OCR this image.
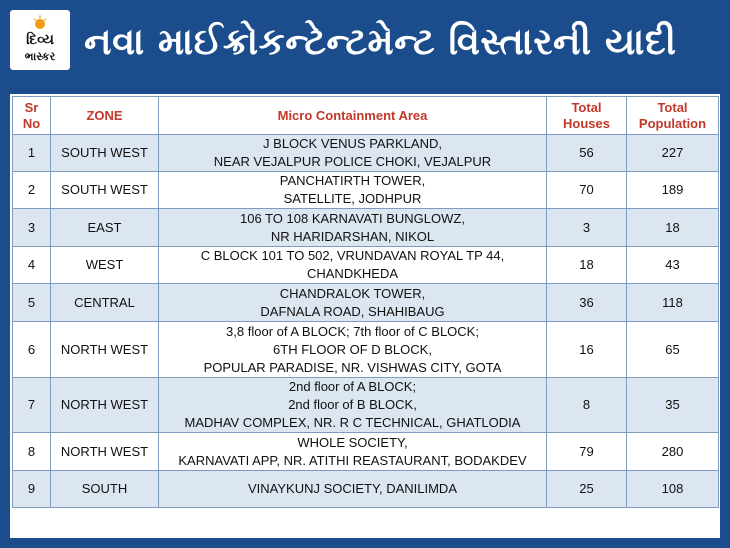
દિવ્ય
ભાસ્કર નવા માઈક્રોકન્ટેન્ટમેન્ટ વિસ્તારની યાદી
Sr No	ZONE	Micro Containment Area	Total Houses	Total Population
1	SOUTH WEST	J BLOCK VENUS PARKLAND,
NEAR VEJALPUR POLICE CHOKI, VEJALPUR	56	227
2	SOUTH WEST	PANCHATIRTH TOWER,
SATELLITE, JODHPUR	70	189
3	EAST	106 TO 108 KARNAVATI BUNGLOWZ,
NR HARIDARSHAN, NIKOL	3	18
4	WEST	C BLOCK 101 TO 502, VRUNDAVAN ROYAL TP 44,
CHANDKHEDA	18	43
5	CENTRAL	CHANDRALOK TOWER,
DAFNALA ROAD, SHAHIBAUG	36	118
6	NORTH WEST	3,8 floor of A BLOCK; 7th floor of C BLOCK;
6TH FLOOR OF D BLOCK,
POPULAR PARADISE, NR. VISHWAS CITY, GOTA	16	65
7	NORTH WEST	2nd floor of A BLOCK;
2nd floor of B BLOCK,
MADHAV COMPLEX, NR. R C TECHNICAL, GHATLODIA	8	35
8	NORTH WEST	WHOLE SOCIETY,
KARNAVATI APP, NR. ATITHI REASTAURANT, BODAKDEV	79	280
9	SOUTH	VINAYKUNJ SOCIETY, DANILIMDA	25	108
